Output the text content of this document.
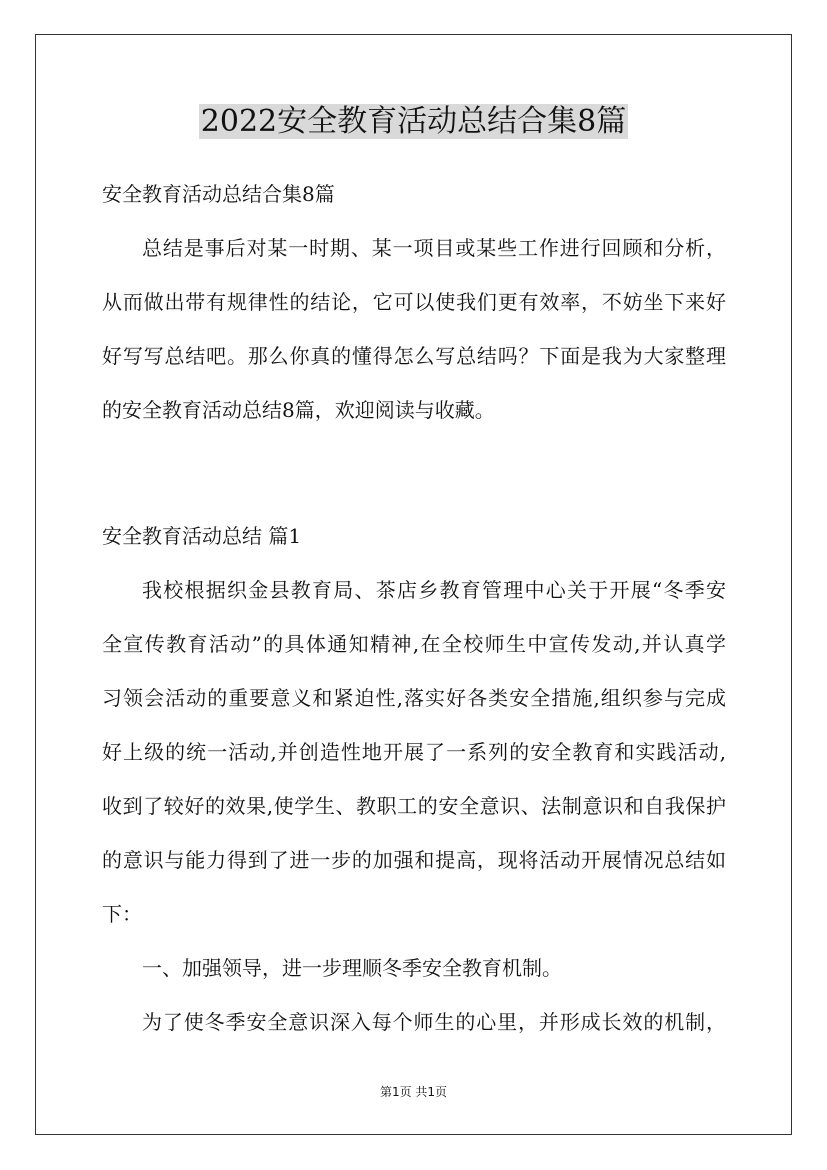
2022安全教育活动总结合集8篇
安全教育活动总结合集8篇
总结是事后对某一时期、某一项目或某些工作进行回顾和分析，
从而做出带有规律性的结论，它可以使我们更有效率，不妨坐下来好
好写写总结吧。那么你真的懂得怎么写总结吗？下面是我为大家整理
的安全教育活动总结8篇，欢迎阅读与收藏。
安全教育活动总结 篇1
我校根据织金县教育局、茶店乡教育管理中心关于开展“冬季安
全宣传教育活动”的具体通知精神,在全校师生中宣传发动,并认真学
习领会活动的重要意义和紧迫性,落实好各类安全措施,组织参与完成
好上级的统一活动,并创造性地开展了一系列的安全教育和实践活动,
收到了较好的效果,使学生、教职工的安全意识、法制意识和自我保护
的意识与能力得到了进一步的加强和提高，现将活动开展情况总结如
下：
一、加强领导，进一步理顺冬季安全教育机制。
为了使冬季安全意识深入每个师生的心里，并形成长效的机制，
第1页 共1页
